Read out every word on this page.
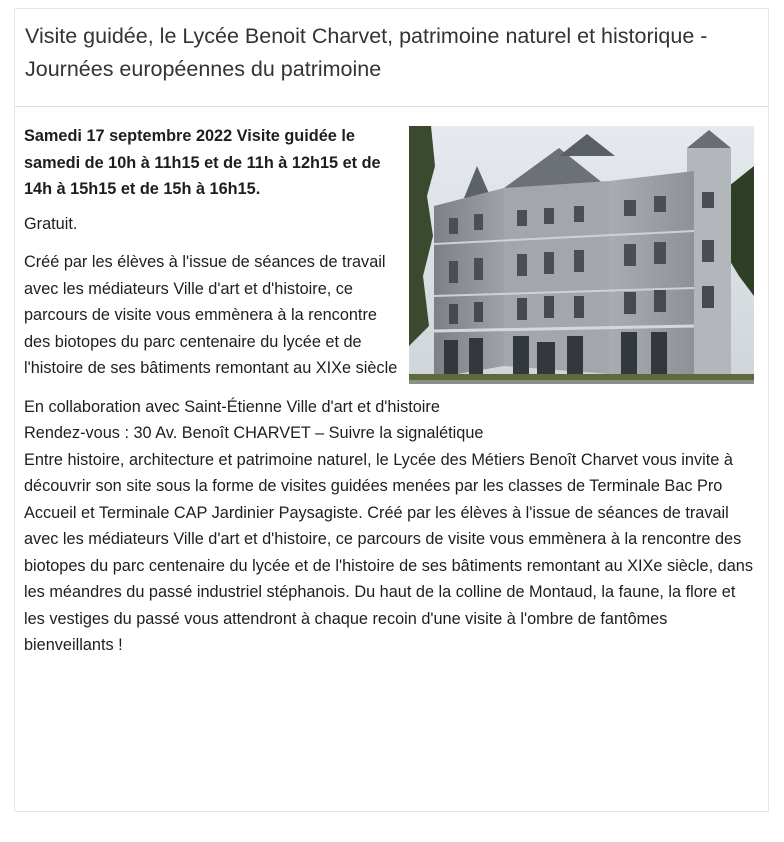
Visite guidée, le Lycée Benoit Charvet, patrimoine naturel et historique - Journées européennes du patrimoine

Samedi 17 septembre 2022 Visite guidée le samedi de 10h à 11h15 et de 11h à 12h15 et de 14h à 15h15 et de 15h à 16h15.

Gratuit.

Créé par les élèves à l'issue de séances de travail avec les médiateurs Ville d'art et d'histoire, ce parcours de visite vous emmènera à la rencontre des biotopes du parc centenaire du lycée et de l'histoire de ses bâtiments remontant au XIXe siècle

En collaboration avec Saint-Étienne Ville d'art et d'histoire

Rendez-vous : 30 Av. Benoît CHARVET – Suivre la signalétique

Entre histoire, architecture et patrimoine naturel, le Lycée des Métiers Benoît Charvet vous invite à découvrir son site sous la forme de visites guidées menées par les classes de Terminale Bac Pro Accueil et Terminale CAP Jardinier Paysagiste. Créé par les élèves à l'issue de séances de travail avec les médiateurs Ville d'art et d'histoire, ce parcours de visite vous emmènera à la rencontre des biotopes du parc centenaire du lycée et de l'histoire de ses bâtiments remontant au XIXe siècle, dans les méandres du passé industriel stéphanois. Du haut de la colline de Montaud, la faune, la flore et les vestiges du passé vous attendront à chaque recoin d'une visite à l'ombre de fantômes bienveillants !
